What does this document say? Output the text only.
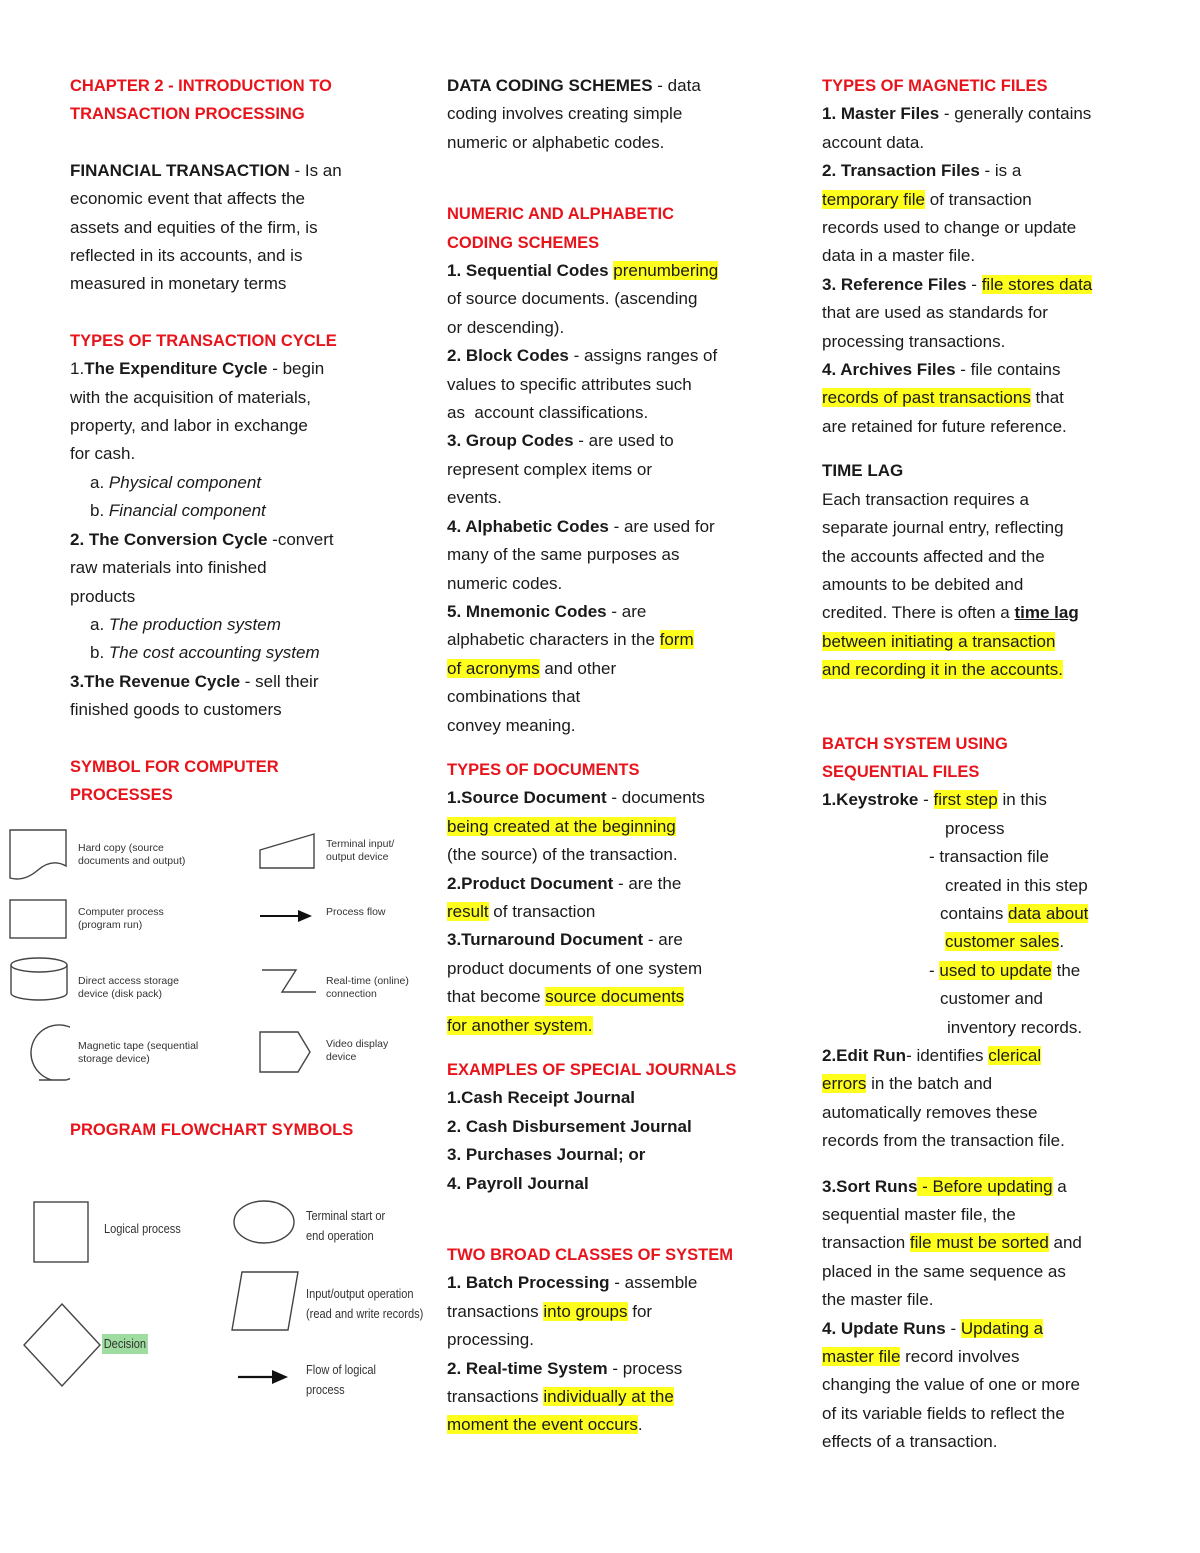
CHAPTER 2 - INTRODUCTION TO

TRANSACTION PROCESSING

FINANCIAL TRANSACTION - Is an

economic event that affects the

assets and equities of the firm, is

reflected in its accounts, and is

measured in monetary terms

TYPES OF TRANSACTION CYCLE

1.The Expenditure Cycle - begin

with the acquisition of materials,

property, and labor in exchange

for cash.

a. Physical component

b. Financial component

2. The Conversion Cycle -convert

raw materials into finished

products

a. The production system

b. The cost accounting system

3.The Revenue Cycle - sell their

finished goods to customers

SYMBOL FOR COMPUTER

PROCESSES

Hard copy (source
documents and output)
Terminal input/
output device
Computer process
(program run)
Process flow
Direct access storage
device (disk pack)
Real-time (online)
connection
Magnetic tape (sequential
storage device)
Video display
device
PROGRAM FLOWCHART SYMBOLS
Logical process
Terminal start or
end operation
Input/output operation
(read and write records)
Decision
Flow of logical
process

DATA CODING SCHEMES - data

coding involves creating simple

numeric or alphabetic codes.

NUMERIC AND ALPHABETIC

CODING SCHEMES

1. Sequential Codes prenumbering

of source documents. (ascending

or descending).

2. Block Codes - assigns ranges of

values to specific attributes such

as  account classifications.

3. Group Codes - are used to

represent complex items or

events.

4. Alphabetic Codes - are used for

many of the same purposes as

numeric codes.

5. Mnemonic Codes - are

alphabetic characters in the form

of acronyms and other

combinations that

convey meaning.

TYPES OF DOCUMENTS

1.Source Document - documents

being created at the beginning

(the source) of the transaction.

2.Product Document - are the

result of transaction

3.Turnaround Document - are

product documents of one system

that become source documents

for another system.

EXAMPLES OF SPECIAL JOURNALS

1.Cash Receipt Journal

2. Cash Disbursement Journal

3. Purchases Journal; or

4. Payroll Journal

TWO BROAD CLASSES OF SYSTEM

1. Batch Processing - assemble

transactions into groups for

processing.

2. Real-time System - process

transactions individually at the

moment the event occurs.

TYPES OF MAGNETIC FILES

1. Master Files - generally contains

account data.

2. Transaction Files - is a

temporary file of transaction

records used to change or update

data in a master file.

3. Reference Files - file stores data

that are used as standards for

processing transactions.

4. Archives Files - file contains

records of past transactions that

are retained for future reference.

TIME LAG

Each transaction requires a

separate journal entry, reflecting

the accounts affected and the

amounts to be debited and

credited. There is often a time lag

between initiating a transaction

and recording it in the accounts.

BATCH SYSTEM USING

SEQUENTIAL FILES

1.Keystroke - first step in this

process

- transaction file

created in this step

contains data about

customer sales.

- used to update the

customer and

inventory records.

2.Edit Run- identifies clerical

errors in the batch and

automatically removes these

records from the transaction file.

3.Sort Runs - Before updating a

sequential master file, the

transaction file must be sorted and

placed in the same sequence as

the master file.

4. Update Runs - Updating a

master file record involves

changing the value of one or more

of its variable fields to reflect the

effects of a transaction.
